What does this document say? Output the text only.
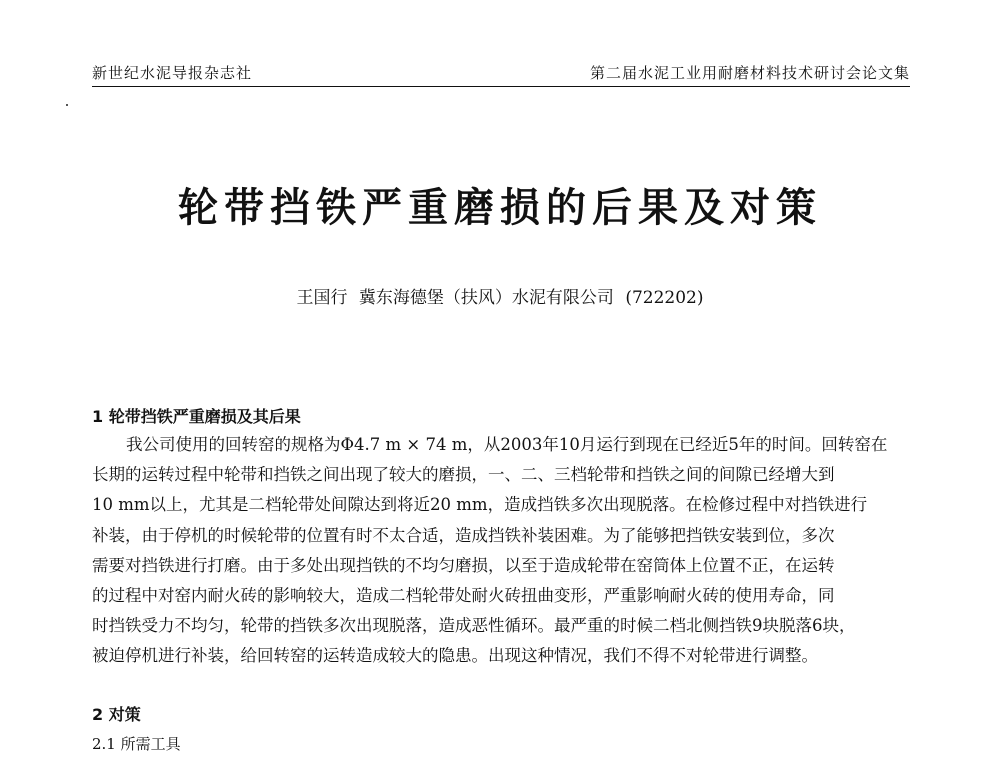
新世纪水泥导报杂志社	第二届水泥工业用耐磨材料技术研讨会论文集
轮带挡铁严重磨损的后果及对策
王国行 冀东海德堡（扶风）水泥有限公司 (722202)
1 轮带挡铁严重磨损及其后果
我公司使用的回转窑的规格为Φ4.7 m × 74 m，从2003年10月运行到现在已经近5年的时间。回转窑在
长期的运转过程中轮带和挡铁之间出现了较大的磨损，一、二、三档轮带和挡铁之间的间隙已经增大到
10 mm以上，尤其是二档轮带处间隙达到将近20 mm，造成挡铁多次出现脱落。在检修过程中对挡铁进行
补装，由于停机的时候轮带的位置有时不太合适，造成挡铁补装困难。为了能够把挡铁安装到位，多次
需要对挡铁进行打磨。由于多处出现挡铁的不均匀磨损，以至于造成轮带在窑筒体上位置不正，在运转
的过程中对窑内耐火砖的影响较大，造成二档轮带处耐火砖扭曲变形，严重影响耐火砖的使用寿命，同
时挡铁受力不均匀，轮带的挡铁多次出现脱落，造成恶性循环。最严重的时候二档北侧挡铁9块脱落6块，
被迫停机进行补装，给回转窑的运转造成较大的隐患。出现这种情况，我们不得不对轮带进行调整。
2 对策
2.1 所需工具
